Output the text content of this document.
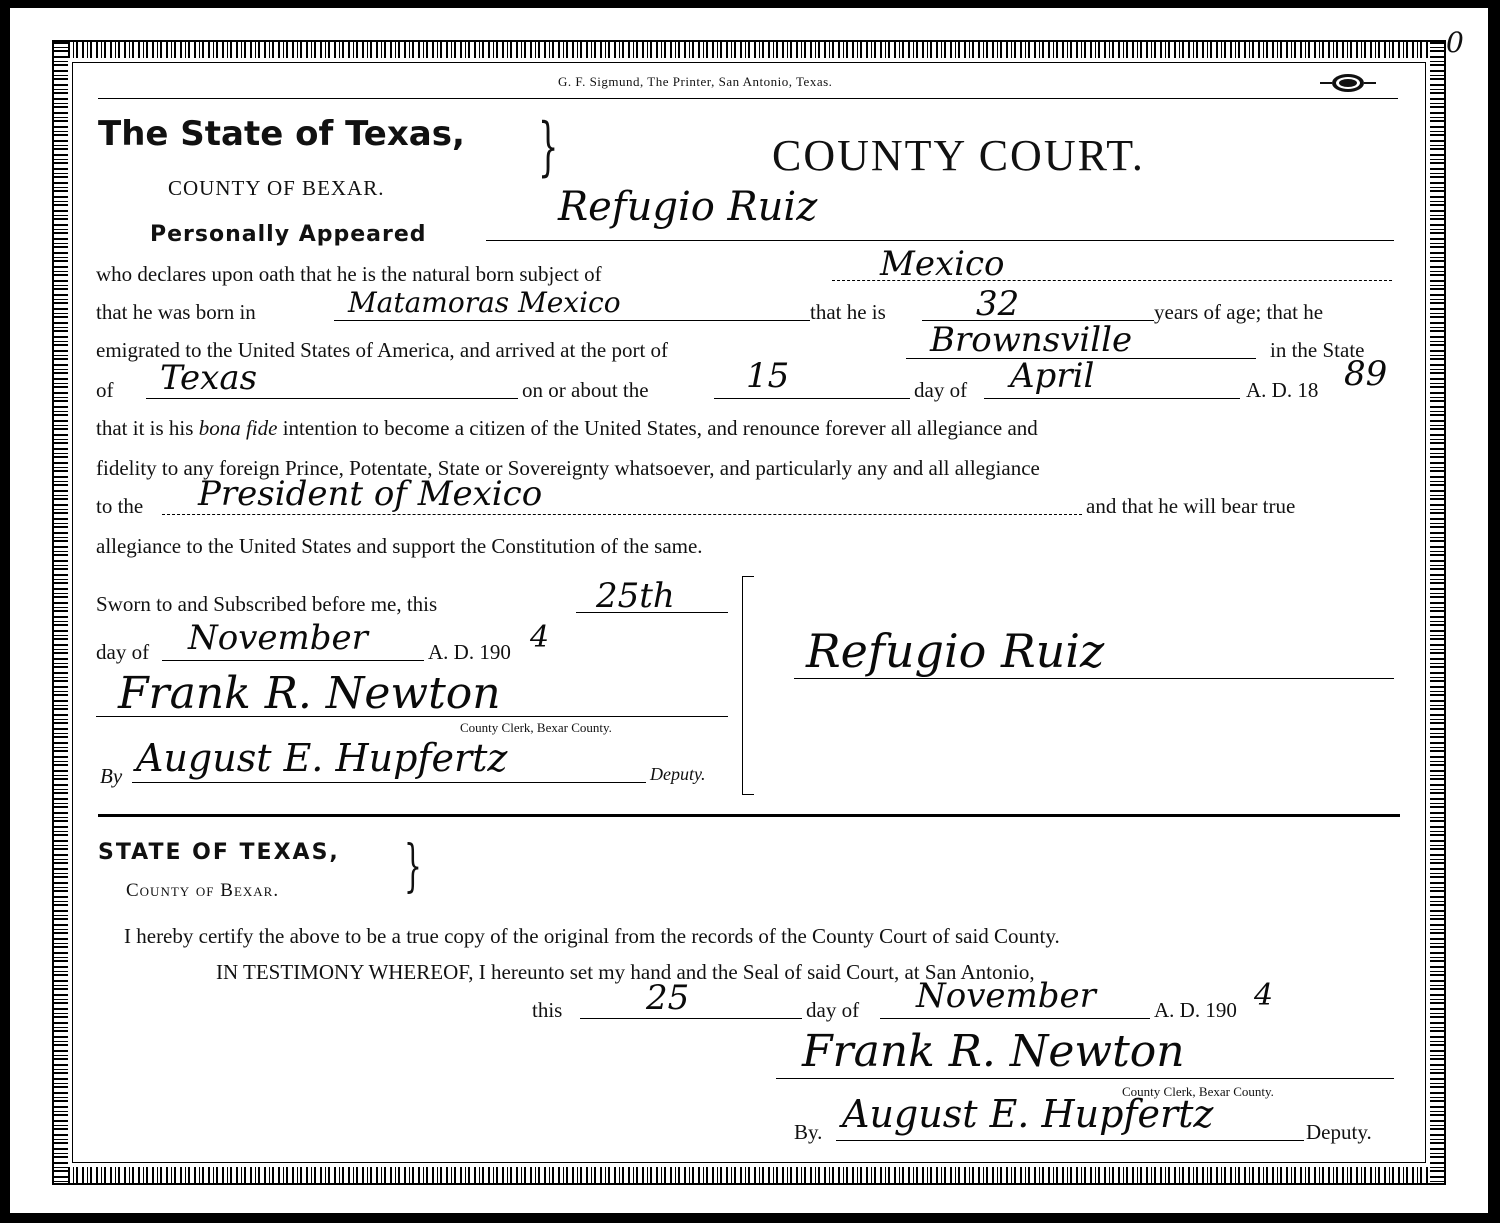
0
G. F. Sigmund, The Printer, San Antonio, Texas.
The State of Texas, }
COUNTY OF BEXAR.
COUNTY COURT.
Personally Appeared
Refugio Ruiz
who declares upon oath that he is the natural born subject of	Mexico
that he was born in	Matamoras Mexico	that he is	32	years of age; that he
emigrated to the United States of America, and arrived at the port of	Brownsville	in the State
of Texas	on or about the	15	day of April	A. D. 18 89
that it is his bona fide intention to become a citizen of the United States, and renounce forever all allegiance and
fidelity to any foreign Prince, Potentate, State or Sovereignty whatsoever, and particularly any and all allegiance
to the President of Mexico	and that he will bear true
allegiance to the United States and support the Constitution of the same.
Sworn to and Subscribed before me, this	25th
day of November	A. D. 190 4
Frank R. Newton
County Clerk, Bexar County.
By August E. Hupfertz	Deputy.
Refugio Ruiz
STATE OF TEXAS, }
County of Bexar.
I hereby certify the above to be a true copy of the original from the records of the County Court of said County.
IN TESTIMONY WHEREOF, I hereunto set my hand and the Seal of said Court, at San Antonio,
this 25	day of November	A. D. 190 4
Frank R. Newton
County Clerk, Bexar County.
By. August E. Hupfertz	Deputy.
